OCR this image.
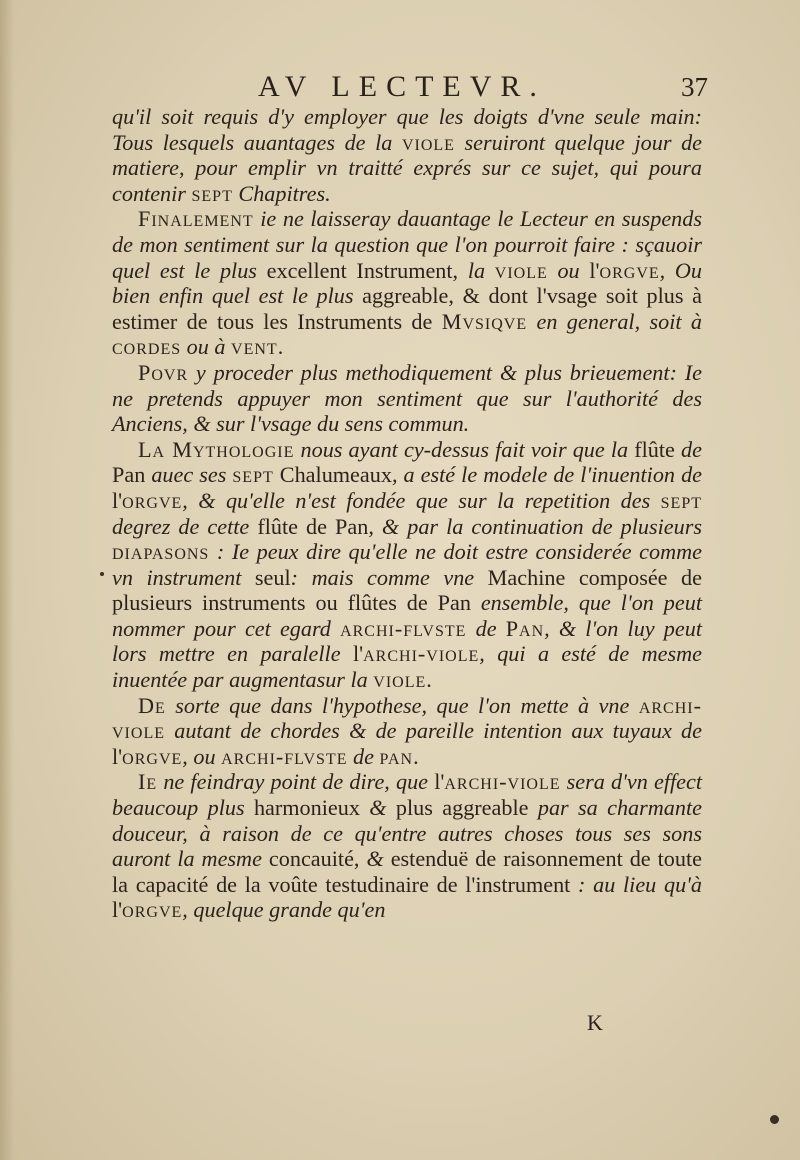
AV LECTEVR.	37

qu'il soit requis d'y employer que les doigts d'vne seule main: Tous lesquels auantages de la viole seruiront quelque jour de matiere, pour emplir vn traitté exprés sur ce sujet, qui poura contenir sept Chapitres.

Finalement ie ne laisseray dauantage le Lecteur en suspends de mon sentiment sur la question que l'on pourroit faire : sçauoir quel est le plus excellent Instrument, la viole ou l'orgve, Ou bien enfin quel est le plus aggreable, & dont l'vsage soit plus à estimer de tous les Instruments de Mvsiqve en general, soit à cordes ou à vent.

Povr y proceder plus methodiquement & plus brieuement: Ie ne pretends appuyer mon sentiment que sur l'authorité des Anciens, & sur l'vsage du sens commun.

La Mythologie nous ayant cy-dessus fait voir que la flûte de Pan auec ses sept Chalumeaux, a esté le modele de l'inuention de l'orgve, & qu'elle n'est fondée que sur la repetition des sept degrez de cette flûte de Pan, & par la continuation de plusieurs diapasons : Ie peux dire qu'elle ne doit estre considerée comme vn instrument seul: mais comme vne Machine composée de plusieurs instruments ou flûtes de Pan ensemble, que l'on peut nommer pour cet egard archi-flvste de Pan, & l'on luy peut lors mettre en paralelle l'archi-viole, qui a esté de mesme inuentée par augmentasur la viole.

De sorte que dans l'hypothese, que l'on mette à vne archi-viole autant de chordes & de pareille intention aux tuyaux de l'orgve, ou archi-flvste de pan.

Ie ne feindray point de dire, que l'archi-viole sera d'vn effect beaucoup plus harmonieux & plus aggreable par sa charmante douceur, à raison de ce qu'entre autres choses tous ses sons auront la mesme concauité, & estenduë de raisonnement de toute la capacité de la voûte testudinaire de l'instrument : au lieu qu'à l'orgve, quelque grande qu'en

K
